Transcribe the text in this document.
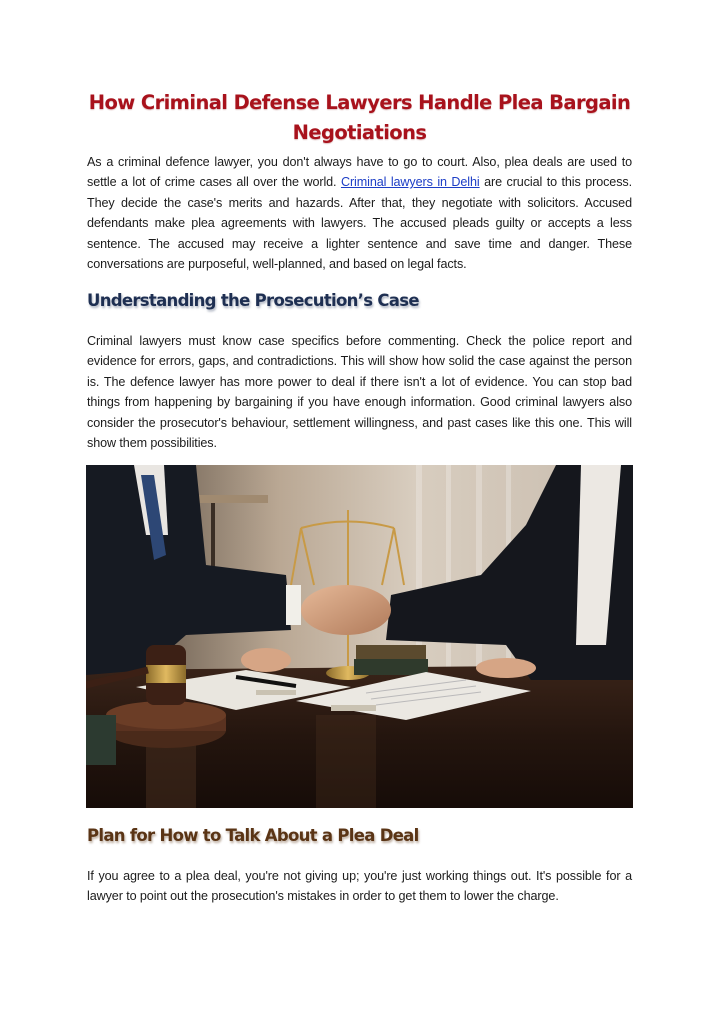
How Criminal Defense Lawyers Handle Plea Bargain Negotiations

As a criminal defence lawyer, you don't always have to go to court. Also, plea deals are used to settle a lot of crime cases all over the world. Criminal lawyers in Delhi are crucial to this process. They decide the case's merits and hazards. After that, they negotiate with solicitors. Accused defendants make plea agreements with lawyers. The accused pleads guilty or accepts a less sentence. The accused may receive a lighter sentence and save time and danger. These conversations are purposeful, well-planned, and based on legal facts.

Understanding the Prosecution’s Case

Criminal lawyers must know case specifics before commenting. Check the police report and evidence for errors, gaps, and contradictions. This will show how solid the case against the person is. The defence lawyer has more power to deal if there isn't a lot of evidence. You can stop bad things from happening by bargaining if you have enough information. Good criminal lawyers also consider the prosecutor's behaviour, settlement willingness, and past cases like this one. This will show them possibilities.

Plan for How to Talk About a Plea Deal

If you agree to a plea deal, you're not giving up; you're just working things out. It's possible for a lawyer to point out the prosecution's mistakes in order to get them to lower the charge.
